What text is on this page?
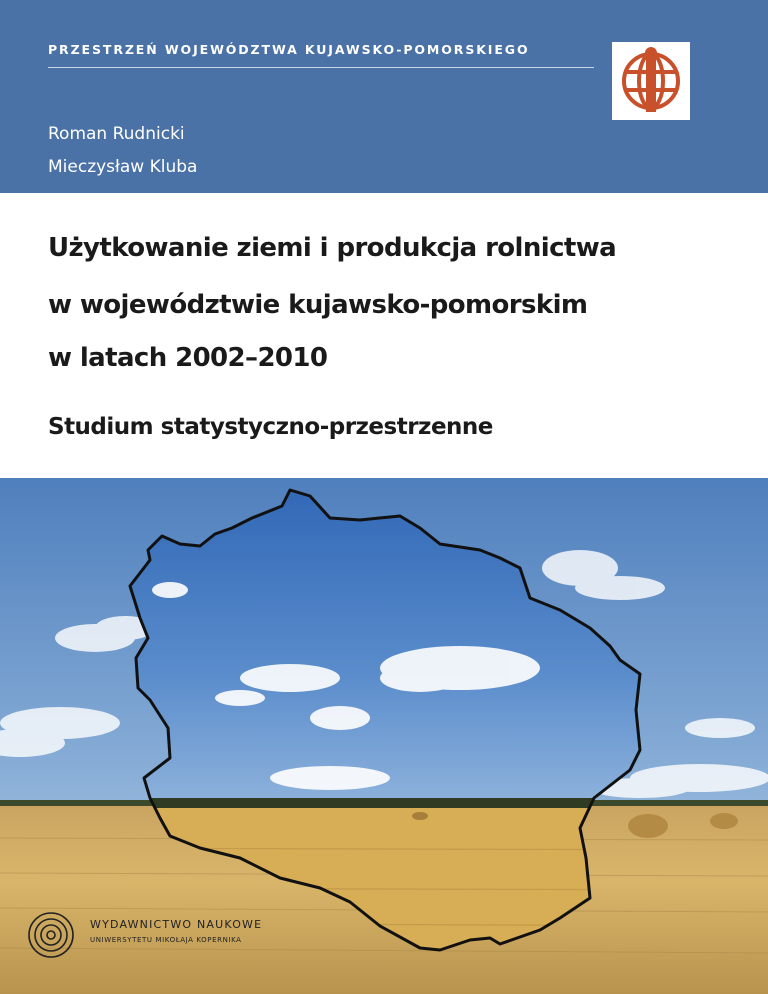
PRZESTRZEŃ WOJEWÓDZTWA KUJAWSKO-POMORSKIEGO
Roman Rudnicki
Mieczysław Kluba
Użytkowanie ziemi i produkcja rolnictwa
w województwie kujawsko-pomorskim
w latach 2002–2010
Studium statystyczno-przestrzenne
WYDAWNICTWO NAUKOWE
UNIWERSYTETU MIKOŁAJA KOPERNIKA
